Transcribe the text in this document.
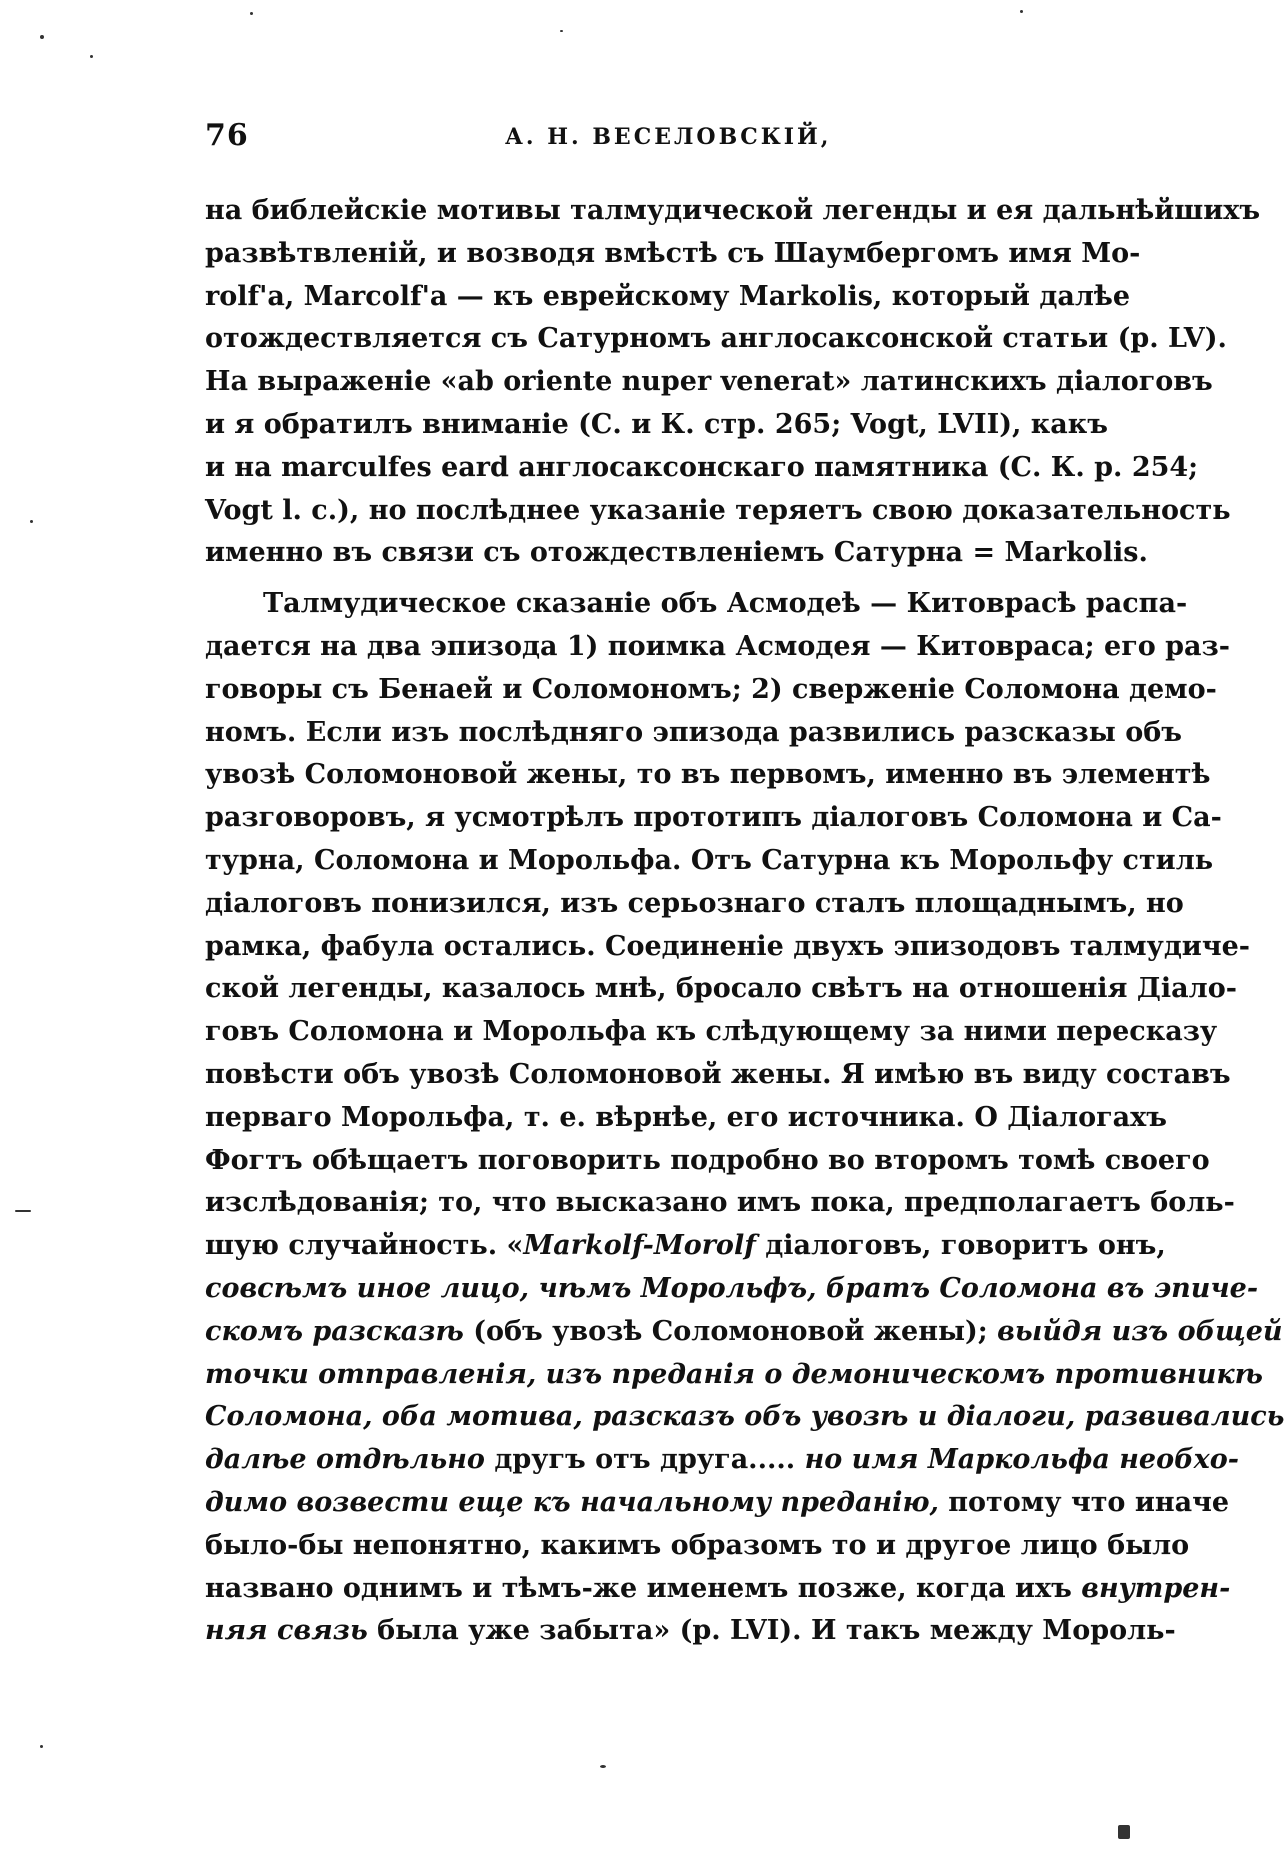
76	А. Н. ВЕСЕЛОВСКІЙ,
на библейскіе мотивы талмудической легенды и ея дальнѣйшихъ
развѣтвленій, и возводя вмѣстѣ съ Шаумбергомъ имя Мо-
rolf'а, Marcolf'а — къ еврейскому Markolis, который далѣе
отождествляется съ Сатурномъ англосаксонской статьи (р. LV).
На выраженіе «ab oriente nuper venerat» латинскихъ діалоговъ
и я обратилъ вниманіе (С. и К. стр. 265; Vogt, LVII), какъ
и на marculfes eard англосаксонскаго памятника (С. К. р. 254;
Vogt l. c.), но послѣднее указаніе теряетъ свою доказательность
именно въ связи съ отождествленіемъ Сатурна = Markolis.
Талмудическое сказаніе объ Асмодеѣ — Китоврасѣ распа-
дается на два эпизода 1) поимка Асмодея — Китовраса; его раз-
говоры съ Бенаей и Соломономъ; 2) сверженіе Соломона демо-
номъ. Если изъ послѣдняго эпизода развились разсказы объ
увозѣ Соломоновой жены, то въ первомъ, именно въ элементѣ
разговоровъ, я усмотрѣлъ прототипъ діалоговъ Соломона и Са-
турна, Соломона и Морольфа. Отъ Сатурна къ Морольфу стиль
діалоговъ понизился, изъ серьознаго сталъ площаднымъ, но
рамка, фабула остались. Соединеніе двухъ эпизодовъ талмудиче-
ской легенды, казалось мнѣ, бросало свѣтъ на отношенія Діало-
говъ Соломона и Морольфа къ слѣдующему за ними пересказу
повѣсти объ увозѣ Соломоновой жены. Я имѣю въ виду составъ
перваго Морольфа, т. е. вѣрнѣе, его источника. О Діалогахъ
Фогтъ обѣщаетъ поговорить подробно во второмъ томѣ своего
изслѣдованія; то, что высказано имъ пока, предполагаетъ боль-
шую случайность. «Markolf-Morolf діалоговъ, говоритъ онъ,
совсѣмъ иное лицо, чѣмъ Морольфъ, братъ Соломона въ эпиче-
скомъ разсказѣ (объ увозѣ Соломоновой жены); выйдя изъ общей
точки отправленія, изъ преданія о демоническомъ противникѣ
Соломона, оба мотива, разсказъ объ увозѣ и діалоги, развивались
далѣе отдѣльно другъ отъ друга..... но имя Маркольфа необхо-
димо возвести еще къ начальному преданію, потому что иначе
было-бы непонятно, какимъ образомъ то и другое лицо было
названо однимъ и тѣмъ-же именемъ позже, когда ихъ внутрен-
няя связь была уже забыта» (р. LVI). И такъ между Мороль-
